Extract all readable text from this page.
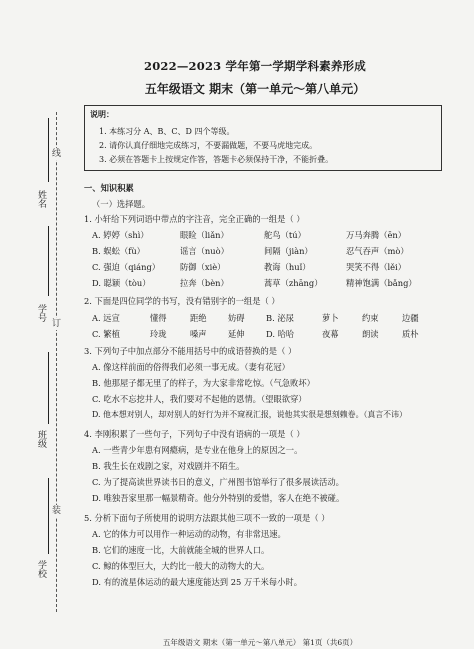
线
订
装
姓名
学号
班级
学校
2022—2023 学年第一学期学科素养形成
五年级语文 期末（第一单元～第八单元）
说明：
1. 本练习分 A、B、C、D 四个等级。
2. 请你认真仔细地完成练习，不要漏做题，不要马虎地完成。
3. 必须在答题卡上按规定作答，答题卡必须保持干净，不能折叠。
一、知识积累
（一）选择题。
1. 小轩给下列词语中带点的字注音，完全正确的一组是（ ）
A. 婷婷（shì）	眼睑（liǎn）	舵鸟（tú）	万马奔腾（ēn）
B. 蜈蚣（fù）	谣言（nuò）	间隔（jiàn）	忍气吞声（mò）
C. 强迫（qiáng） 防御（xiè）	教诲（huǐ）	哭笑不得（lěi）
D. 聪颖（tòu）	拉奔（bèn）	蒿草（zhāng）	精神饱满（bǎng）
2. 下面是四位同学的书写，没有错别字的一组是（ ）
A. 远宣	懂得	距绝	妨碍	B. 泌尿	萝卜	约束	边疆
C. 繁植	玲珑	嗓声	延伸	D. 哈哈	夜幕	朗读	质朴
3. 下列句子中加点部分不能用括号中的成语替换的是（ ）
A. 像这样前面的俗得我们必须一事无成。（妻有花冠）
B. 他那屋子都无里了的样子，为大家非常吃惊。（气急败坏）
C. 吃水不忘挖井人，我们要对不起他的恩情。（望眼欲穿）
D. 他本想对别人，却对别人的好行为并不窥视汇报，说他其实很是想刻赖卷。（真言不讳）
4. 李刚积累了一些句子，下列句子中没有语病的一项是（ ）
A. 一些青少年患有网瘾病，是专业在他身上的原因之一。
B. 我生长在戏剧之家，对戏剧并不陌生。
C. 为了提高读世界读书日的意义，广州图书馆举行了很多展读活动。
D. 唯独吾家里那一幅景精奇。他分外特别的爱惜，客人在绝不被碰。
5. 分析下面句子所使用的说明方法跟其他三项不一致的一项是（ ）
A. 它的体力可以用作一种运动的动物，有非常迅速。
B. 它们的速度一比，大前就能全城的世界人口。
C. 鲸的体型巨大，大约比一般大的动物大的大。
D. 有的流星体运动的最大速度能达到 25 万千米每小时。
五年级语文 期末（第一单元～第八单元） 第1页（共6页）
